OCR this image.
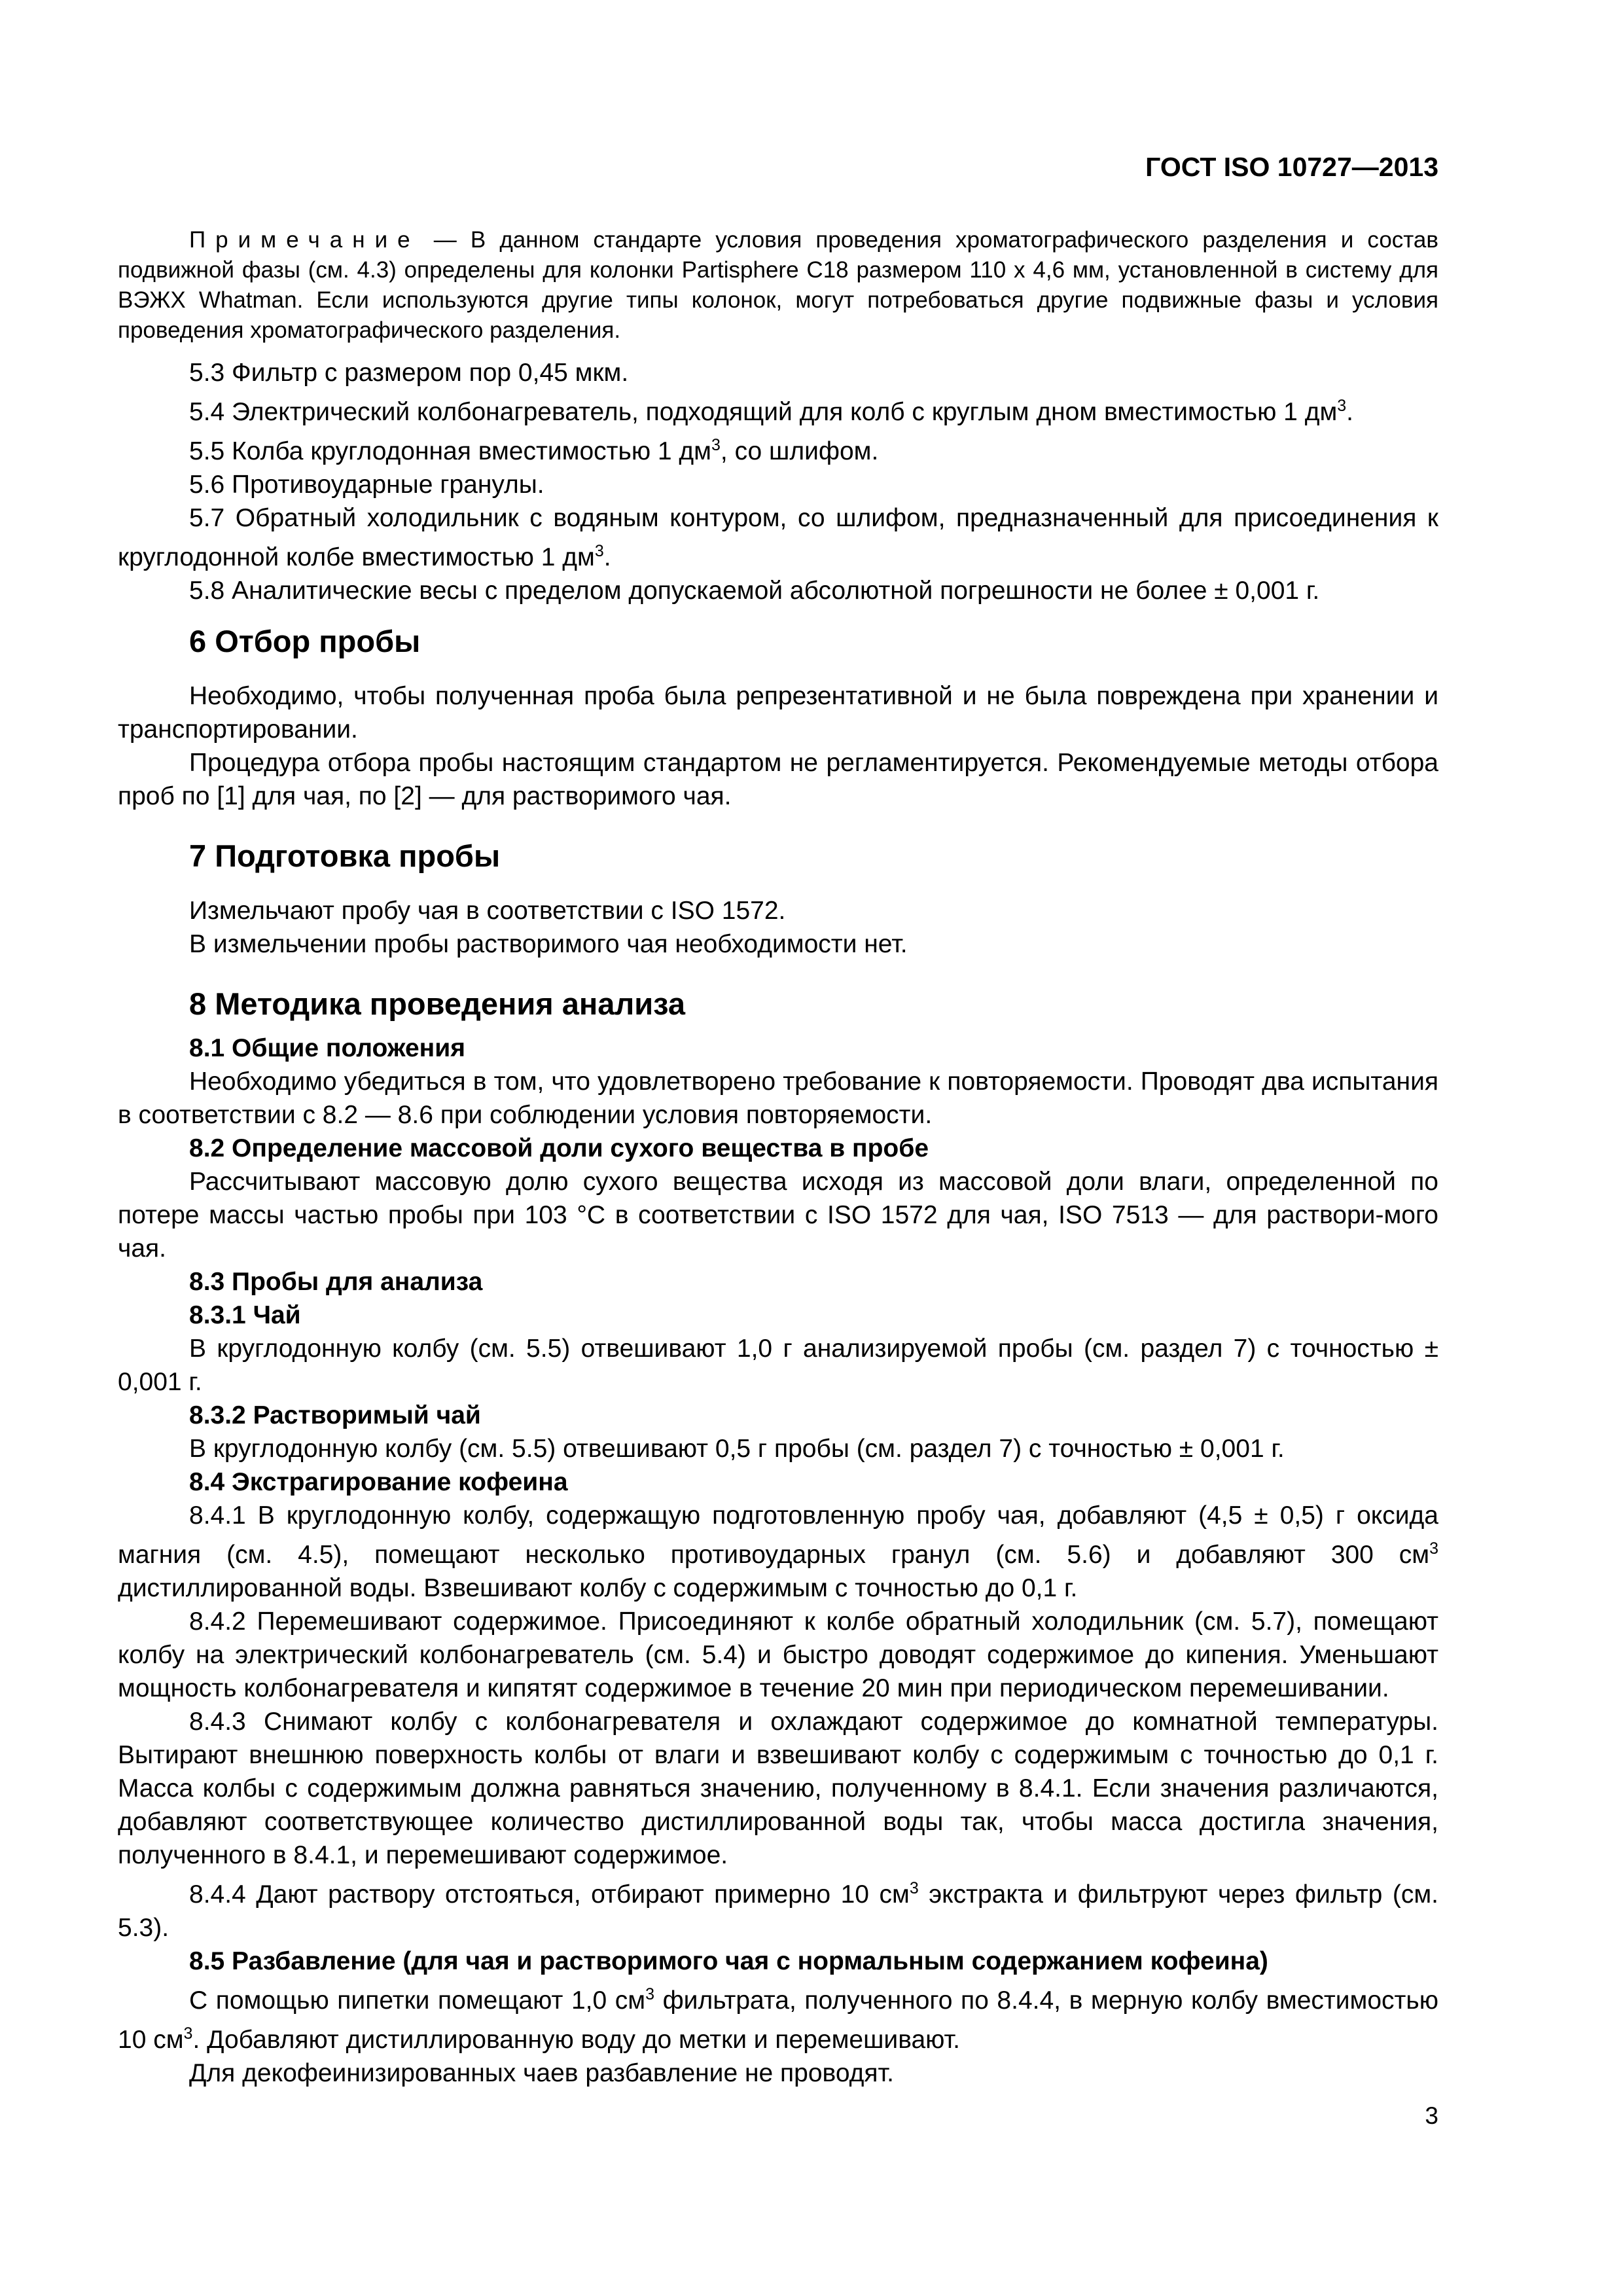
ГОСТ ISO 10727—2013

Примечание — В данном стандарте условия проведения хроматографического разделения и состав подвижной фазы (см. 4.3) определены для колонки Partisphere C18 размером 110 х 4,6 мм, установленной в систему для ВЭЖХ Whatman. Если используются другие типы колонок, могут потребоваться другие подвижные фазы и условия проведения хроматографического разделения.

5.3 Фильтр с размером пор 0,45 мкм.

5.4 Электрический колбонагреватель, подходящий для колб с круглым дном вместимостью 1 $дм^3$.

5.5 Колба круглодонная вместимостью 1 $дм^3$, со шлифом.

5.6 Противоударные гранулы.

5.7 Обратный холодильник с водяным контуром, со шлифом, предназначенный для присоединения к круглодонной колбе вместимостью 1 $дм^3$.

5.8 Аналитические весы с пределом допускаемой абсолютной погрешности не более ± 0,001 г.

6 Отбор пробы

Необходимо, чтобы полученная проба была репрезентативной и не была повреждена при хранении и транспортировании.

Процедура отбора пробы настоящим стандартом не регламентируется. Рекомендуемые методы отбора проб по [1] для чая, по [2] — для растворимого чая.

7 Подготовка пробы

Измельчают пробу чая в соответствии с ISO 1572.

В измельчении пробы растворимого чая необходимости нет.

8 Методика проведения анализа
8.1 Общие положения

Необходимо убедиться в том, что удовлетворено требование к повторяемости. Проводят два испытания в соответствии с 8.2 — 8.6 при соблюдении условия повторяемости.

8.2 Определение массовой доли сухого вещества в пробе

Рассчитывают массовую долю сухого вещества исходя из массовой доли влаги, определенной по потере массы частью пробы при 103 °С в соответствии с ISO 1572 для чая, ISO 7513 — для раствори-мого чая.

8.3 Пробы для анализа
8.3.1 Чай

В круглодонную колбу (см. 5.5) отвешивают 1,0 г анализируемой пробы (см. раздел 7) с точностью ± 0,001 г.

8.3.2 Растворимый чай

В круглодонную колбу (см. 5.5) отвешивают 0,5 г пробы (см. раздел 7) с точностью ± 0,001 г.

8.4 Экстрагирование кофеина

8.4.1 В круглодонную колбу, содержащую подготовленную пробу чая, добавляют (4,5 ± 0,5) г оксида магния (см. 4.5), помещают несколько противоударных гранул (см. 5.6) и добавляют 300 $см^3$ дистиллированной воды. Взвешивают колбу с содержимым с точностью до 0,1 г.

8.4.2 Перемешивают содержимое. Присоединяют к колбе обратный холодильник (см. 5.7), помещают колбу на электрический колбонагреватель (см. 5.4) и быстро доводят содержимое до кипения. Уменьшают мощность колбонагревателя и кипятят содержимое в течение 20 мин при периодическом перемешивании.

8.4.3 Снимают колбу с колбонагревателя и охлаждают содержимое до комнатной температуры. Вытирают внешнюю поверхность колбы от влаги и взвешивают колбу с содержимым с точностью до 0,1 г. Масса колбы с содержимым должна равняться значению, полученному в 8.4.1. Если значения различаются, добавляют соответствующее количество дистиллированной воды так, чтобы масса достигла значения, полученного в 8.4.1, и перемешивают содержимое.

8.4.4 Дают раствору отстояться, отбирают примерно 10 $см^3$ экстракта и фильтруют через фильтр (см. 5.3).

8.5 Разбавление (для чая и растворимого чая с нормальным содержанием кофеина)

С помощью пипетки помещают 1,0 $см^3$ фильтрата, полученного по 8.4.4, в мерную колбу вместимостью 10 $см^3$. Добавляют дистиллированную воду до метки и перемешивают.

Для декофеинизированных чаев разбавление не проводят.

3
